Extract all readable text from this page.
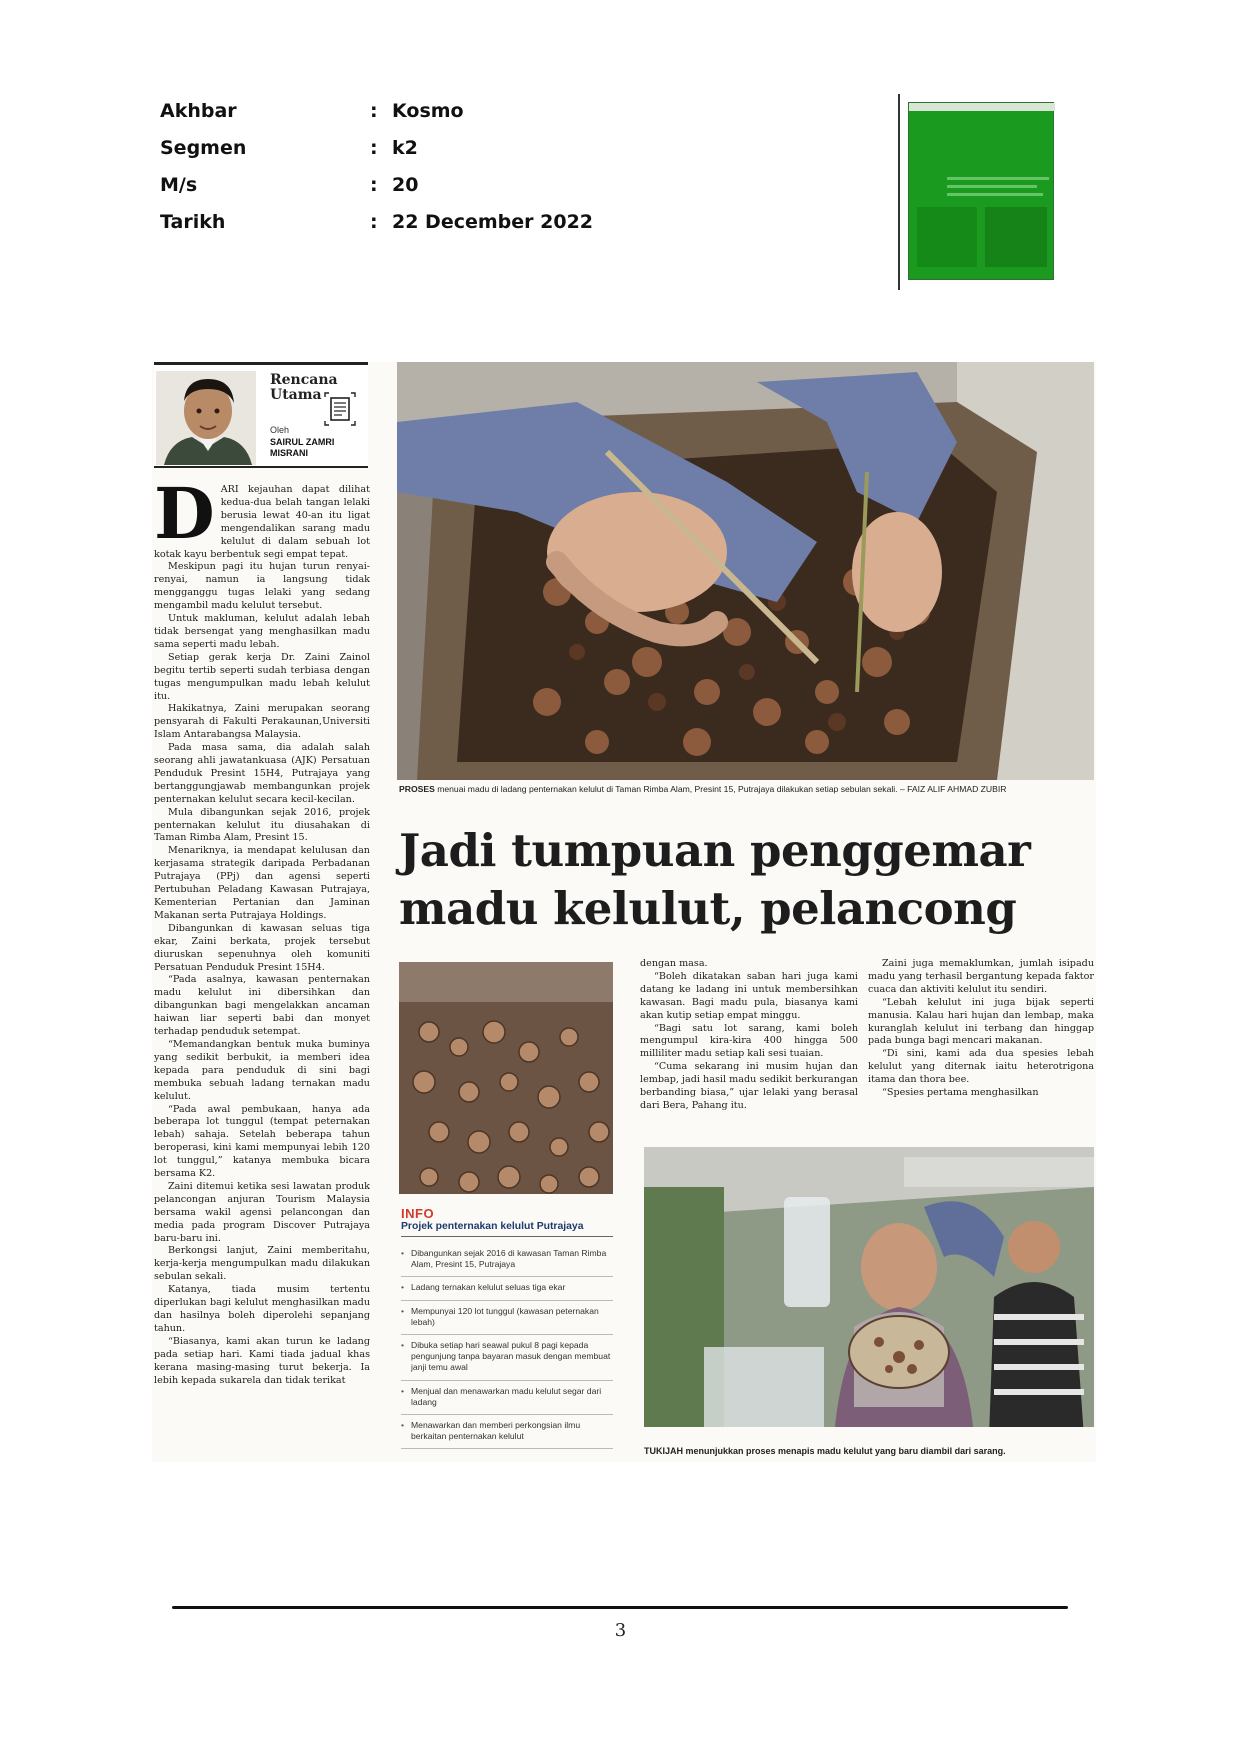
Akhbar	: Kosmo
Segmen	: k2
M/s	: 20
Tarikh	: 22 December 2022
Rencana Utama
Oleh
SAIRUL ZAMRI MISRANI
D ARI kejauhan dapat dilihat kedua-dua belah tangan lelaki berusia lewat 40-an itu ligat mengendalikan sarang madu kelulut di dalam sebuah lot kotak kayu berbentuk segi empat tepat.

Meskipun pagi itu hujan turun renyai-renyai, namun ia langsung tidak mengganggu tugas lelaki yang sedang mengambil madu kelulut tersebut.

Untuk makluman, kelulut adalah lebah tidak bersengat yang menghasilkan madu sama seperti madu lebah.

Setiap gerak kerja Dr. Zaini Zainol begitu tertib seperti sudah terbiasa dengan tugas mengumpulkan madu lebah kelulut itu.

Hakikatnya, Zaini merupakan seorang pensyarah di Fakulti Perakaunan,Universiti Islam Antarabangsa Malaysia.

Pada masa sama, dia adalah salah seorang ahli jawatankuasa (AJK) Persatuan Penduduk Presint 15H4, Putrajaya yang bertanggungjawab membangunkan projek penternakan kelulut secara kecil-kecilan.

Mula dibangunkan sejak 2016, projek penternakan kelulut itu diusahakan di Taman Rimba Alam, Presint 15.

Menariknya, ia mendapat kelulusan dan kerjasama strategik daripada Perbadanan Putrajaya (PPj) dan agensi seperti Pertubuhan Peladang Kawasan Putrajaya, Kementerian Pertanian dan Jaminan Makanan serta Putrajaya Holdings.

Dibangunkan di kawasan seluas tiga ekar, Zaini berkata, projek tersebut diuruskan sepenuhnya oleh komuniti Persatuan Penduduk Presint 15H4.

“Pada asalnya, kawasan penternakan madu kelulut ini dibersihkan dan dibangunkan bagi mengelakkan ancaman haiwan liar seperti babi dan monyet terhadap penduduk setempat.

“Memandangkan bentuk muka buminya yang sedikit berbukit, ia memberi idea kepada para penduduk di sini bagi membuka sebuah ladang ternakan madu kelulut.

“Pada awal pembukaan, hanya ada beberapa lot tunggul (tempat peternakan lebah) sahaja. Setelah beberapa tahun beroperasi, kini kami mempunyai lebih 120 lot tunggul,” katanya membuka bicara bersama K2.

Zaini ditemui ketika sesi lawatan produk pelancongan anjuran Tourism Malaysia bersama wakil agensi pelancongan dan media pada program Discover Putrajaya baru-baru ini.

Berkongsi lanjut, Zaini memberitahu, kerja-kerja mengumpulkan madu dilakukan sebulan sekali.

Katanya, tiada musim tertentu diperlukan bagi kelulut menghasilkan madu dan hasilnya boleh diperolehi sepanjang tahun.

“Biasanya, kami akan turun ke ladang pada setiap hari. Kami tiada jadual khas kerana masing-masing turut bekerja. Ia lebih kepada sukarela dan tidak terikat

PROSES menuai madu di ladang penternakan kelulut di Taman Rimba Alam, Presint 15, Putrajaya dilakukan setiap sebulan sekali. – FAIZ ALIF AHMAD ZUBIR
Jadi tumpuan penggemar
madu kelulut, pelancong
INFO
Projek penternakan kelulut Putrajaya
• Dibangunkan sejak 2016 di kawasan Taman Rimba Alam, Presint 15, Putrajaya
• Ladang ternakan kelulut seluas tiga ekar
• Mempunyai 120 lot tunggul (kawasan peternakan lebah)
• Dibuka setiap hari seawal pukul 8 pagi kepada pengunjung tanpa bayaran masuk dengan membuat janji temu awal
• Menjual dan menawarkan madu kelulut segar dari ladang
• Menawarkan dan memberi perkongsian ilmu berkaitan penternakan kelulut

dengan masa.

“Boleh dikatakan saban hari juga kami datang ke ladang ini untuk membersihkan kawasan. Bagi madu pula, biasanya kami akan kutip setiap empat minggu.

“Bagi satu lot sarang, kami boleh mengumpul kira-kira 400 hingga 500 milliliter madu setiap kali sesi tuaian.

“Cuma sekarang ini musim hujan dan lembap, jadi hasil madu sedikit berkurangan berbanding biasa,” ujar lelaki yang berasal dari Bera, Pahang itu.

Zaini juga memaklumkan, jumlah isipadu madu yang terhasil bergantung kepada faktor cuaca dan aktiviti kelulut itu sendiri.

“Lebah kelulut ini juga bijak seperti manusia. Kalau hari hujan dan lembap, maka kuranglah kelulut ini terbang dan hinggap pada bunga bagi mencari makanan.

“Di sini, kami ada dua spesies lebah kelulut yang diternak iaitu heterotrigona itama dan thora bee.

“Spesies pertama menghasilkan

TUKIJAH menunjukkan proses menapis madu kelulut yang baru diambil dari sarang.
3
